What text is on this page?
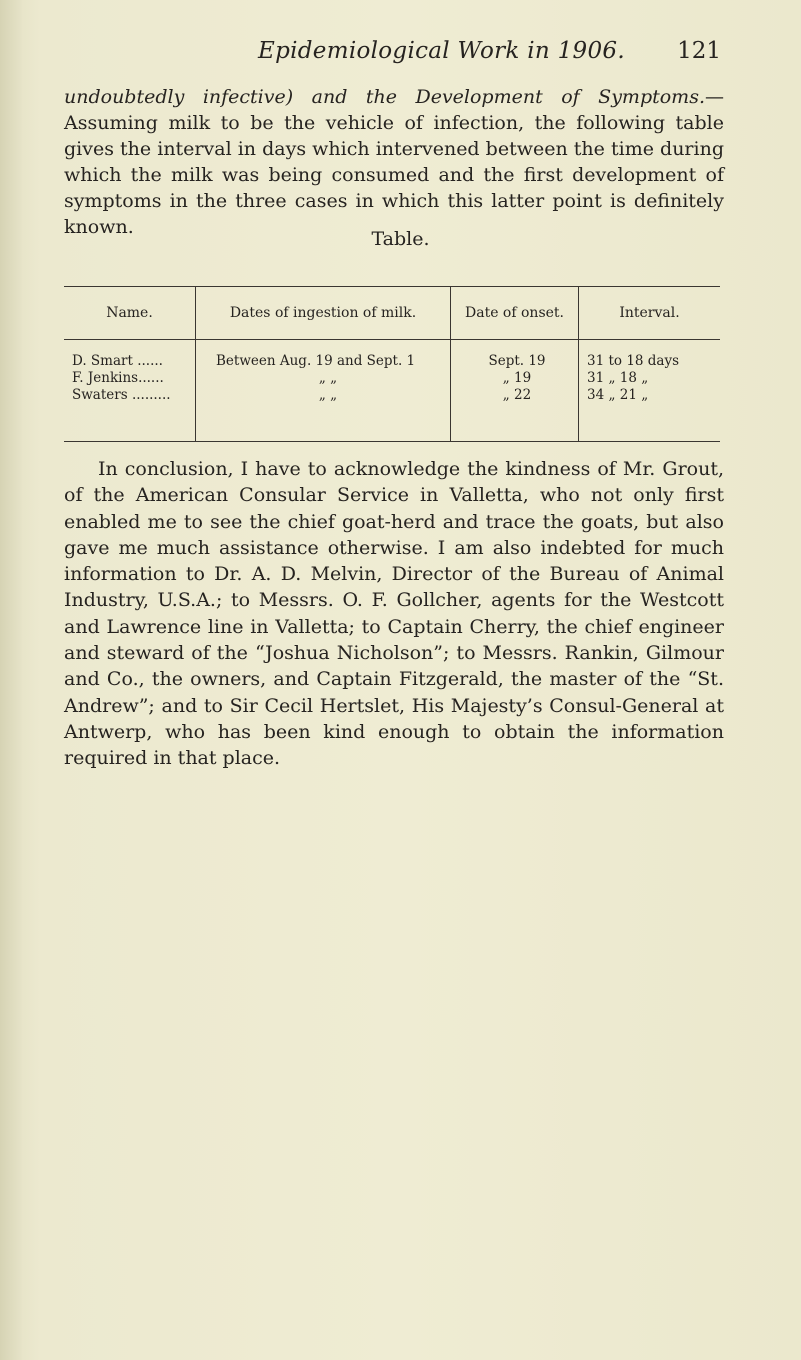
Epidemiological Work in 1906. 121

undoubtedly infective) and the Development of Symptoms.—Assuming milk to be the vehicle of infection, the following table gives the interval in days which intervened between the time during which the milk was being consumed and the first development of symptoms in the three cases in which this latter point is definitely known.

Table.
Name.	Dates of ingestion of milk.	Date of onset.	Interval.
D. Smart ......	Between Aug. 19 and Sept. 1	Sept. 19	31 to 18 days
F. Jenkins......	„ „	„ 19	31 „ 18 „
Swaters .........	„ „	„ 22	34 „ 21 „

In conclusion, I have to acknowledge the kindness of Mr. Grout, of the American Consular Service in Valletta, who not only first enabled me to see the chief goat-herd and trace the goats, but also gave me much assistance otherwise. I am also indebted for much information to Dr. A. D. Melvin, Director of the Bureau of Animal Industry, U.S.A.; to Messrs. O. F. Gollcher, agents for the Westcott and Lawrence line in Valletta; to Captain Cherry, the chief engineer and steward of the “Joshua Nicholson”; to Messrs. Rankin, Gilmour and Co., the owners, and Captain Fitzgerald, the master of the “St. Andrew”; and to Sir Cecil Hertslet, His Majesty’s Consul-General at Antwerp, who has been kind enough to obtain the information required in that place.
